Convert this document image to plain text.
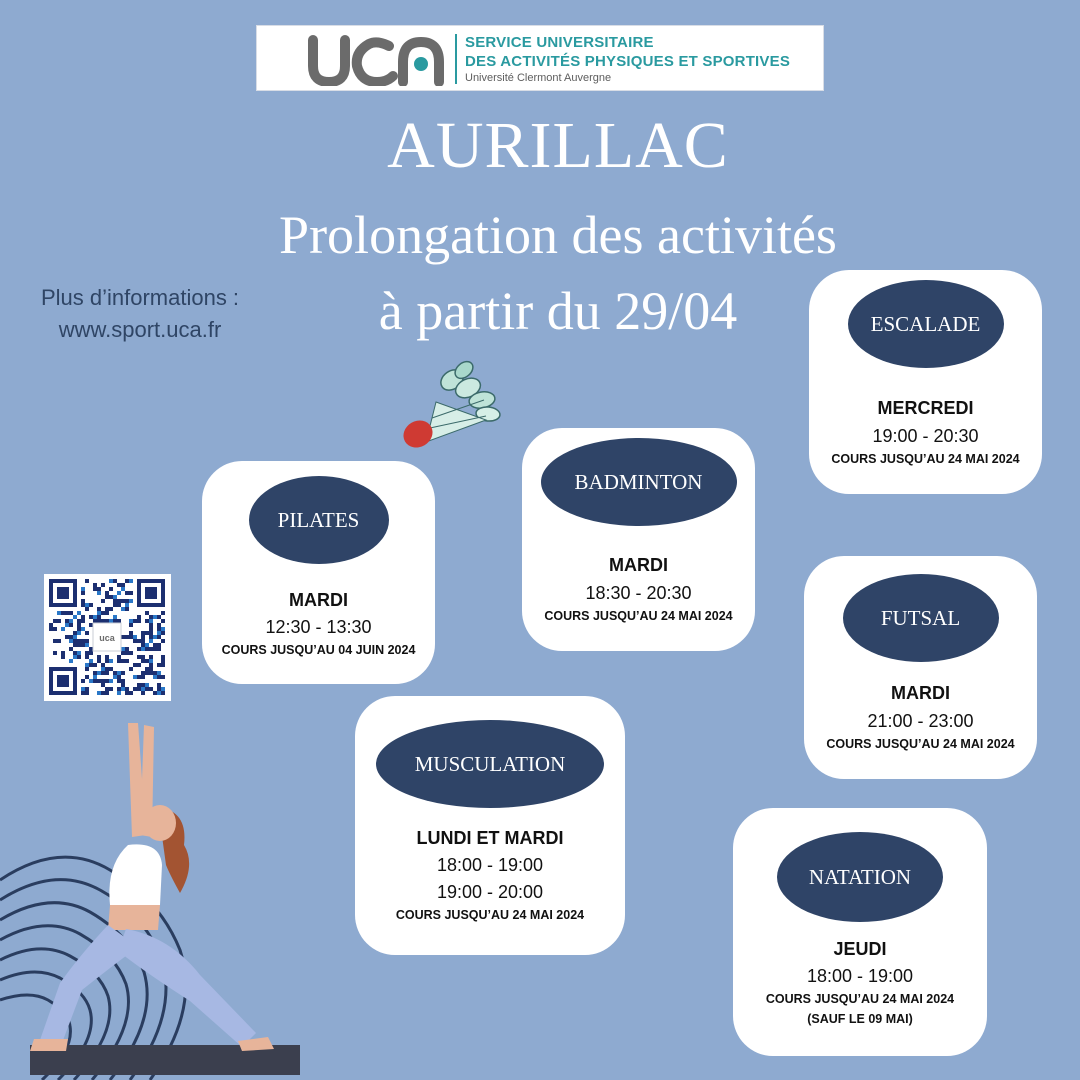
SERVICE UNIVERSITAIRE
DES ACTIVITÉS PHYSIQUES ET SPORTIVES
Université Clermont Auvergne
AURILLAC
Prolongation des activités
à partir du 29/04
Plus d’informations :
www.sport.uca.fr	ESCALADE
MERCREDI
19:00 - 20:30
COURS JUSQU’AU 24 MAI 2024
BADMINTON
MARDI
18:30 - 20:30
COURS JUSQU’AU 24 MAI 2024
PILATES
MARDI
12:30 - 13:30
COURS JUSQU’AU 04 JUIN 2024
FUTSAL
MARDI
21:00 - 23:00
COURS JUSQU’AU 24 MAI 2024
MUSCULATION
LUNDI ET MARDI
18:00 - 19:00
19:00 - 20:00
COURS JUSQU’AU 24 MAI 2024
NATATION
JEUDI
18:00 - 19:00
COURS JUSQU’AU 24 MAI 2024
(SAUF LE 09 MAI)
uca
